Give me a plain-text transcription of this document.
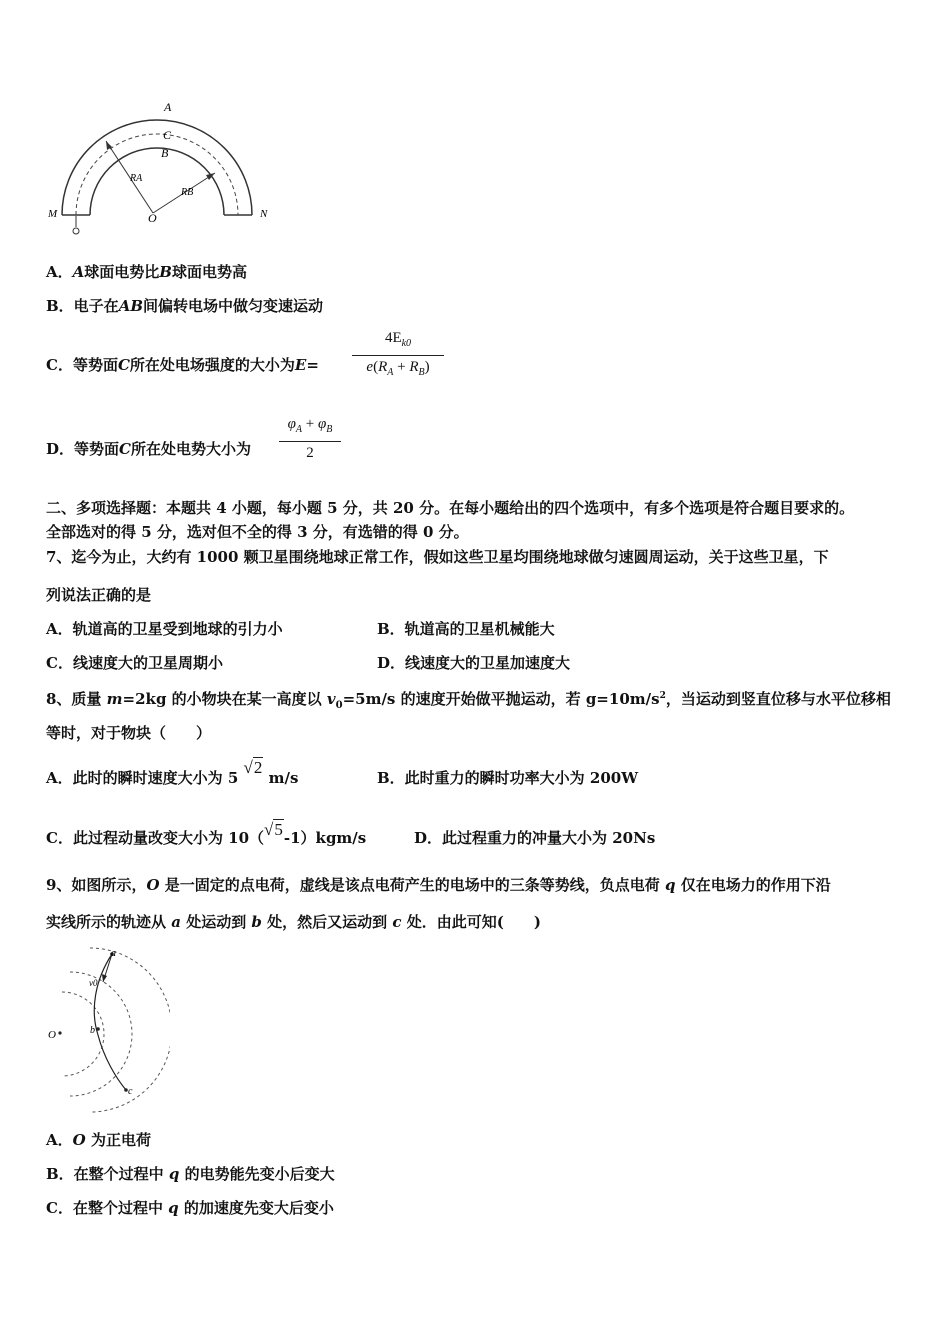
A
C
B
RA
RB
O
M	N
A．A球面电势比B球面电势高
B．电子在AB间偏转电场中做匀变速运动
C．等势面C所在处电场强度的大小为E=
$4E_{k0}$
$e(R_A + R_B)$
D．等势面C所在处电势大小为
$\varphi_A + \varphi_B$
2
二、多项选择题：本题共 4 小题，每小题 5 分，共 20 分。在每小题给出的四个选项中，有多个选项是符合题目要求的。
全部选对的得 5 分，选对但不全的得 3 分，有选错的得 0 分。
7、迄今为止，大约有 1000 颗卫星围绕地球正常工作，假如这些卫星均围绕地球做匀速圆周运动，关于这些卫星，下
列说法正确的是
A．轨道高的卫星受到地球的引力小	B．轨道高的卫星机械能大
C．线速度大的卫星周期小	D．线速度大的卫星加速度大
8、质量 m=2kg 的小物块在某一高度以 $v_0=5m/s$ 的速度开始做平抛运动，若 $g=10m/s^2$，当运动到竖直位移与水平位移相
等时，对于物块（　　）
A．此时的瞬时速度大小为 5 √2 m/s	B．此时重力的瞬时功率大小为 200W
C．此过程动量改变大小为 10（√5-1）kgm/s	D．此过程重力的冲量大小为 20Ns
9、如图所示，O 是一固定的点电荷，虚线是该点电荷产生的电场中的三条等势线，负点电荷 q 仅在电场力的作用下沿
实线所示的轨迹从 a 处运动到 b 处，然后又运动到 c 处．由此可知(　　)
a
v0
O	b
c
A．O 为正电荷
B．在整个过程中 q 的电势能先变小后变大
C．在整个过程中 q 的加速度先变大后变小
